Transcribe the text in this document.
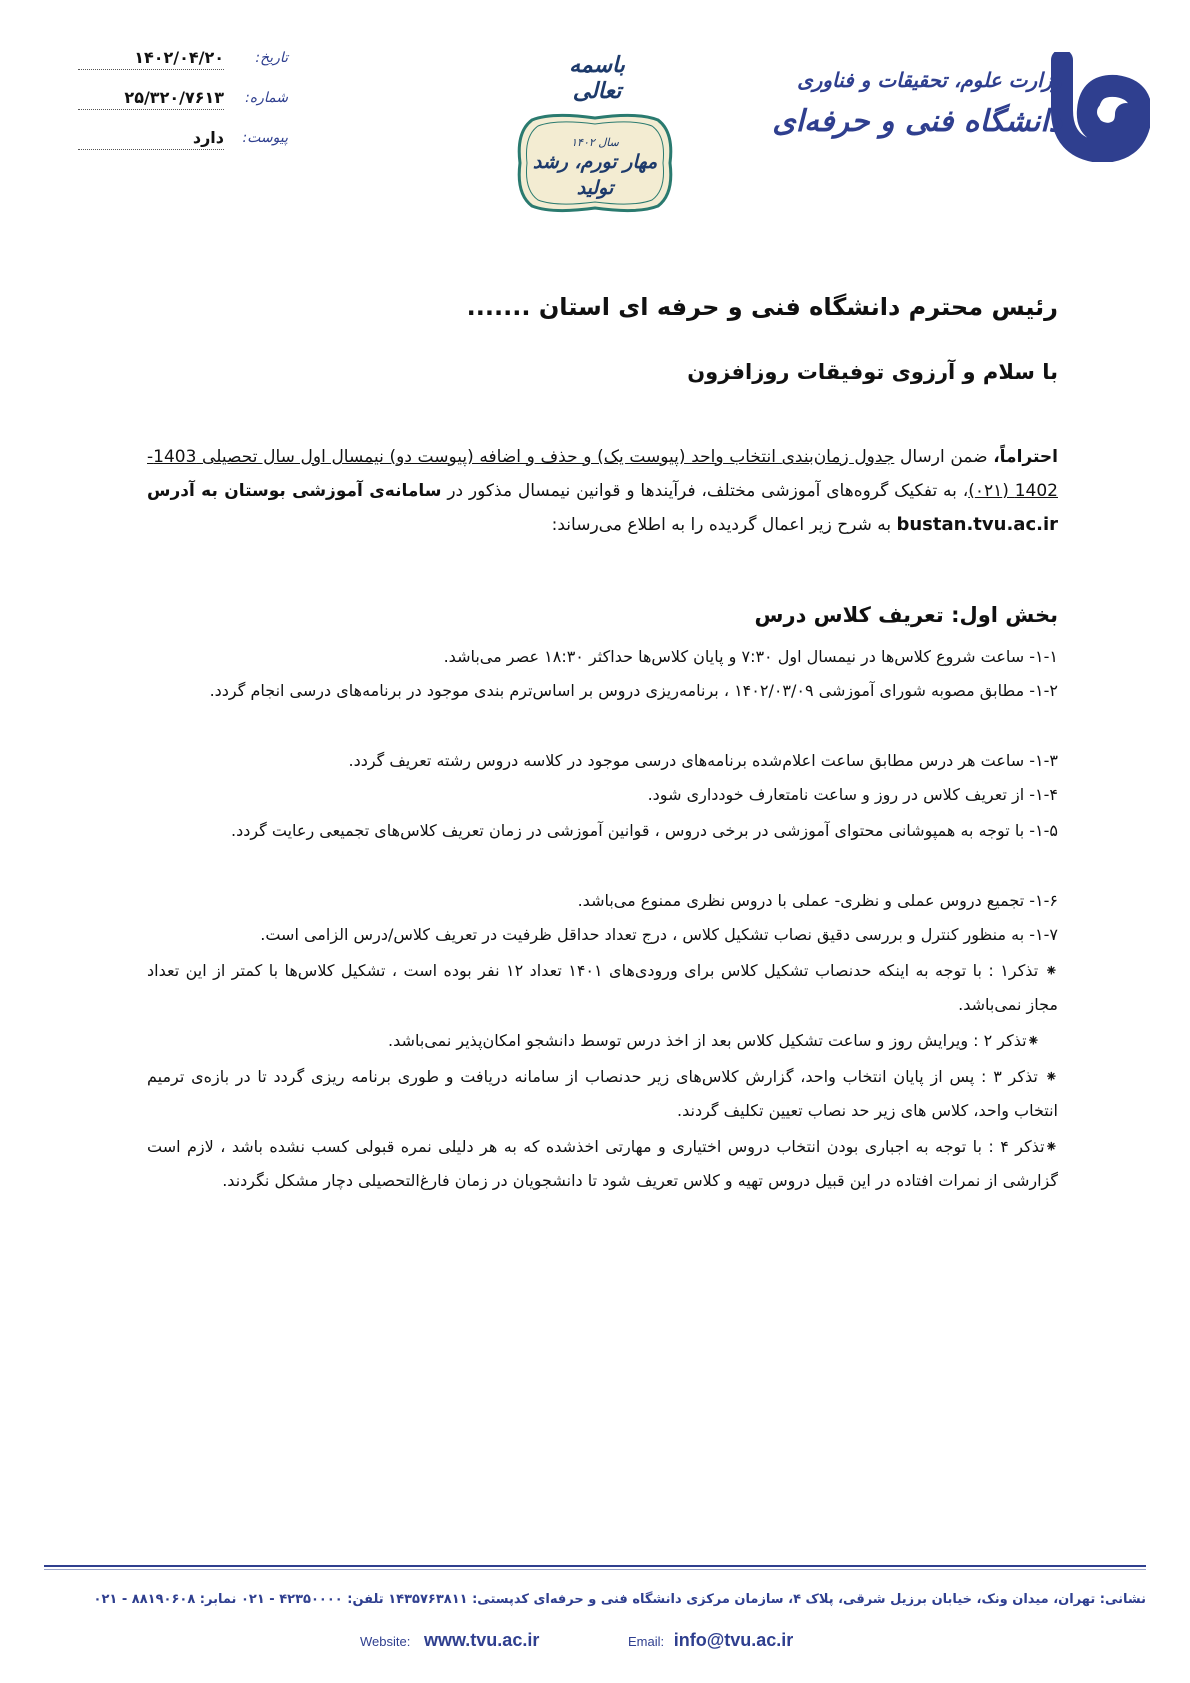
تاریخ:
۱۴۰۲/۰۴/۲۰
شماره:
۲۵/۳۲۰/۷۶۱۳
پیوست:
دارد
باسمه تعالی
سال ۱۴۰۲
مهار تورم، رشد تولید
وزارت علوم، تحقیقات و فناوری
دانشگاه فنی و حرفه‌ای
رئیس محترم دانشگاه فنی و حرفه ای استان .......
با سلام و آرزوی توفیقات روزافزون
احتراماً، ضمن ارسال جدول زمان‌بندی انتخاب واحد (پیوست یک) و حذف و اضافه (پیوست دو) نیمسال اول سال تحصیلی 1403-1402 (۰۲۱)، به تفکیک گروه‌های آموزشی مختلف، فرآیندها و قوانین نیمسال مذکور در سامانه‌ی آموزشی بوستان به آدرس bustan.tvu.ac.ir به شرح زیر اعمال گردیده را به اطلاع می‌رساند:
بخش اول: تعریف کلاس درس
۱-۱- ساعت شروع کلاس‌ها در نیمسال اول ۷:۳۰ و پایان کلاس‌ها حداکثر ۱۸:۳۰ عصر می‌باشد.
۱-۲- مطابق مصوبه شورای آموزشی ۱۴۰۲/۰۳/۰۹ ، برنامه‌ریزی دروس بر اساس‌ترم بندی موجود در برنامه‌های درسی انجام گردد.
۱-۳- ساعت هر درس مطابق ساعت اعلام‌شده برنامه‌های درسی موجود در کلاسه دروس رشته تعریف گردد.
۱-۴- از تعریف کلاس در روز و ساعت نامتعارف خودداری شود.
۱-۵- با توجه به همپوشانی محتوای آموزشی در برخی دروس ، قوانین آموزشی در زمان تعریف کلاس‌های تجمیعی رعایت گردد.
۱-۶- تجمیع دروس عملی و نظری- عملی با دروس نظری ممنوع می‌باشد.
۱-۷- به منظور کنترل و بررسی دقیق نصاب تشکیل کلاس ، درج تعداد حداقل ظرفیت در تعریف کلاس/درس الزامی است.
⁕ تذکر۱ : با توجه به اینکه حدنصاب تشکیل کلاس برای ورودی‌های ۱۴۰۱ تعداد ۱۲ نفر بوده است ، تشکیل کلاس‌ها با کمتر از این تعداد مجاز نمی‌باشد.
⁕تذکر ۲ : ویرایش روز و ساعت تشکیل کلاس بعد از اخذ درس توسط دانشجو امکان‌پذیر نمی‌باشد.
⁕ تذکر ۳ : پس از پایان انتخاب واحد، گزارش کلاس‌های زیر حدنصاب از سامانه دریافت و طوری برنامه ریزی گردد تا در بازه‌ی ترمیم انتخاب واحد، کلاس های زیر حد نصاب تعیین تکلیف گردند.
⁕تذکر ۴ : با توجه به اجباری بودن انتخاب دروس اختیاری و مهارتی اخذشده که به هر دلیلی نمره قبولی کسب نشده باشد ، لازم است گزارشی از نمرات افتاده در این قبیل دروس تهیه و کلاس تعریف شود تا دانشجویان در زمان فارغ‌التحصیلی دچار مشکل نگردند.
نشانی: تهران، میدان ونک، خیابان برزیل شرقی، پلاک ۴، سازمان مرکزی دانشگاه فنی و حرفه‌ای کدپستی: ۱۴۳۵۷۶۳۸۱۱ تلفن: ۴۲۳۵۰۰۰۰ - ۰۲۱ نمابر: ۸۸۱۹۰۶۰۸ - ۰۲۱
Website: www.tvu.ac.ir	Email: info@tvu.ac.ir
